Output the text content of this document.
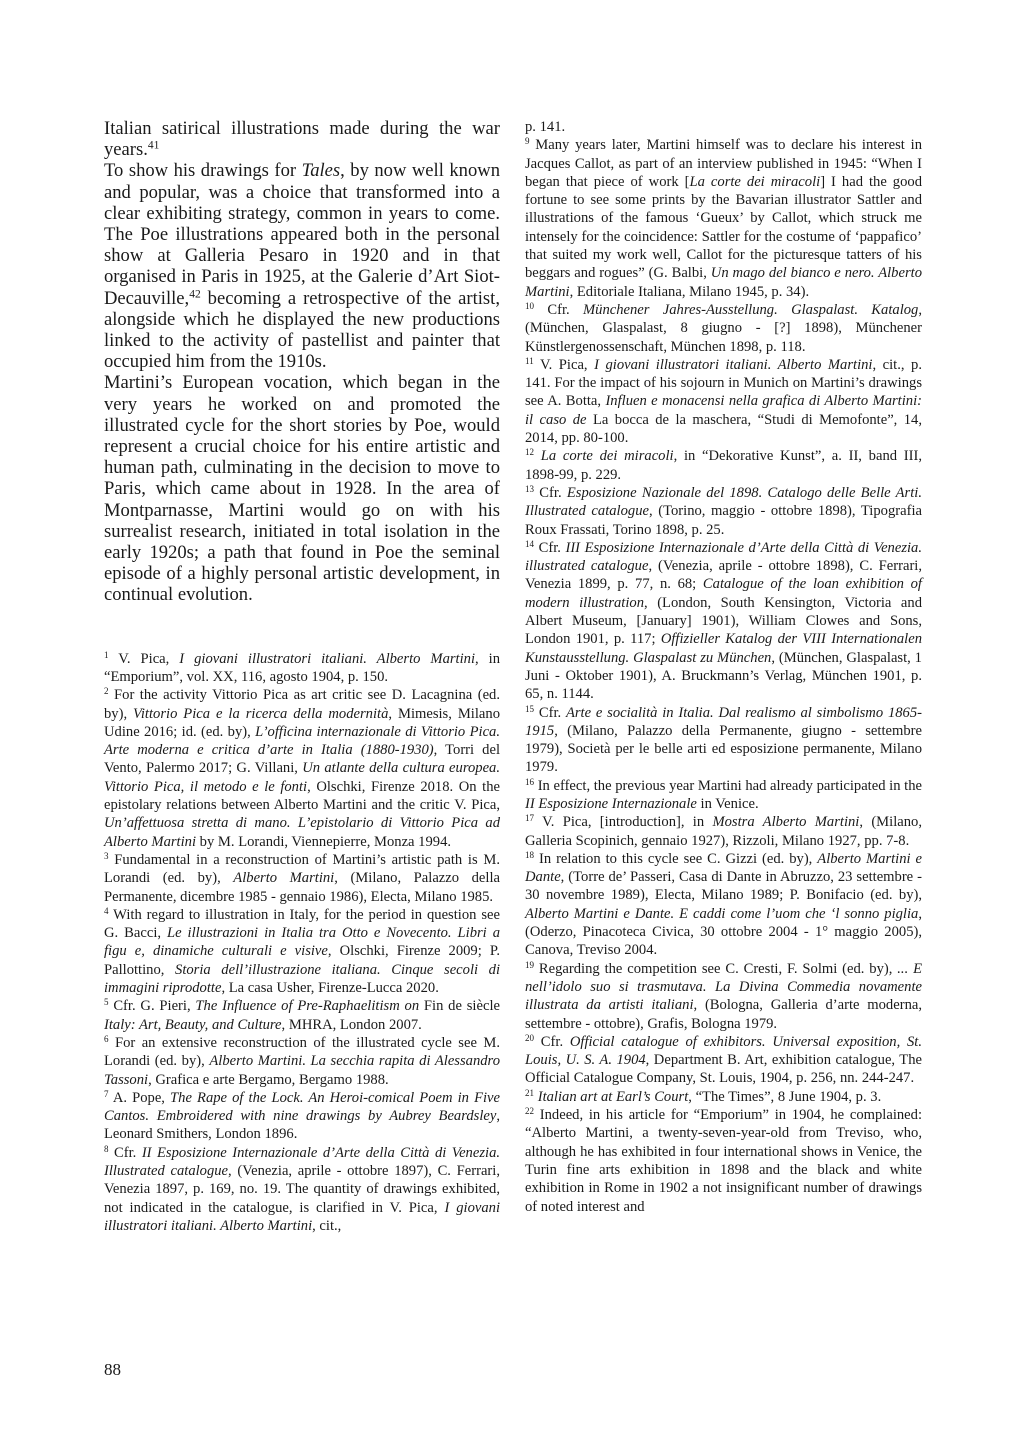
Italian satirical illustrations made during the war years.$^{41}$

To show his drawings for Tales, by now well known and popular, was a choice that transformed into a clear exhibiting strategy, common in years to come. The Poe illustrations appeared both in the personal show at Galleria Pesaro in 1920 and in that organised in Paris in 1925, at the Galerie d’Art Siot-Decauville,$^{42}$ becoming a retrospective of the artist, alongside which he displayed the new productions linked to the activity of pastellist and painter that occupied him from the 1910s.

Martini’s European vocation, which began in the very years he worked on and promoted the illustrated cycle for the short stories by Poe, would represent a crucial choice for his entire artistic and human path, culminating in the decision to move to Paris, which came about in 1928. In the area of Montparnasse, Martini would go on with his surrealist research, initiated in total isolation in the early 1920s; a path that found in Poe the seminal episode of a highly personal artistic development, in continual evolution.

$^1$ V. Pica, I giovani illustratori italiani. Alberto Martini, in “Emporium”, vol. XX, 116, agosto 1904, p. 150.

$^2$ For the activity Vittorio Pica as art critic see D. Lacagnina (ed. by), Vittorio Pica e la ricerca della modernità, Mimesis, Milano Udine 2016; id. (ed. by), L’officina internazionale di Vittorio Pica. Arte moderna e critica d’arte in Italia (1880-1930), Torri del Vento, Palermo 2017; G. Villani, Un atlante della cultura europea. Vittorio Pica, il metodo e le fonti, Olschki, Firenze 2018. On the epistolary relations between Alberto Martini and the critic V. Pica, Un’affettuosa stretta di mano. L’epistolario di Vittorio Pica ad Alberto Martini by M. Lorandi, Viennepierre, Monza 1994.

$^3$ Fundamental in a reconstruction of Martini’s artistic path is M. Lorandi (ed. by), Alberto Martini, (Milano, Palazzo della Permanente, dicembre 1985 - gennaio 1986), Electa, Milano 1985.

$^4$ With regard to illustration in Italy, for the period in question see G. Bacci, Le illustrazioni in Italia tra Otto e Novecento. Libri a figu e, dinamiche culturali e visive, Olschki, Firenze 2009; P. Pallottino, Storia dell’illustrazione italiana. Cinque secoli di immagini riprodotte, La casa Usher, Firenze-Lucca 2020.

$^5$ Cfr. G. Pieri, The Influence of Pre-Raphaelitism on Fin de siècle Italy: Art, Beauty, and Culture, MHRA, London 2007.

$^6$ For an extensive reconstruction of the illustrated cycle see M. Lorandi (ed. by), Alberto Martini. La secchia rapita di Alessandro Tassoni, Grafica e arte Bergamo, Bergamo 1988.

$^7$ A. Pope, The Rape of the Lock. An Heroi-comical Poem in Five Cantos. Embroidered with nine drawings by Aubrey Beardsley, Leonard Smithers, London 1896.

$^8$ Cfr. II Esposizione Internazionale d’Arte della Città di Venezia. Illustrated catalogue, (Venezia, aprile - ottobre 1897), C. Ferrari, Venezia 1897, p. 169, no. 19. The quantity of drawings exhibited, not indicated in the catalogue, is clarified in V. Pica, I giovani illustratori italiani. Alberto Martini, cit.,

p. 141.

$^9$ Many years later, Martini himself was to declare his interest in Jacques Callot, as part of an interview published in 1945: “When I began that piece of work [La corte dei miracoli] I had the good fortune to see some prints by the Bavarian illustrator Sattler and illustrations of the famous ‘Gueux’ by Callot, which struck me intensely for the coincidence: Sattler for the costume of ‘pappafico’ that suited my work well, Callot for the picturesque tatters of his beggars and rogues” (G. Balbi, Un mago del bianco e nero. Alberto Martini, Editoriale Italiana, Milano 1945, p. 34).

$^{10}$ Cfr. Münchener Jahres-Ausstellung. Glaspalast. Katalog, (München, Glaspalast, 8 giugno - [?] 1898), Münchener Künstlergenossenschaft, München 1898, p. 118.

$^{11}$ V. Pica, I giovani illustratori italiani. Alberto Martini, cit., p. 141. For the impact of his sojourn in Munich on Martini’s drawings see A. Botta, Influen e monacensi nella grafica di Alberto Martini: il caso de La bocca de la maschera, “Studi di Memofonte”, 14, 2014, pp. 80-100.

$^{12}$ La corte dei miracoli, in “Dekorative Kunst”, a. II, band III, 1898-99, p. 229.

$^{13}$ Cfr. Esposizione Nazionale del 1898. Catalogo delle Belle Arti. Illustrated catalogue, (Torino, maggio - ottobre 1898), Tipografia Roux Frassati, Torino 1898, p. 25.

$^{14}$ Cfr. III Esposizione Internazionale d’Arte della Città di Venezia. illustrated catalogue, (Venezia, aprile - ottobre 1898), C. Ferrari, Venezia 1899, p. 77, n. 68; Catalogue of the loan exhibition of modern illustration, (London, South Kensington, Victoria and Albert Museum, [January] 1901), William Clowes and Sons, London 1901, p. 117; Offizieller Katalog der VIII Internationalen Kunstausstellung. Glaspalast zu München, (München, Glaspalast, 1 Juni - Oktober 1901), A. Bruckmann’s Verlag, München 1901, p. 65, n. 1144.

$^{15}$ Cfr. Arte e socialità in Italia. Dal realismo al simbolismo 1865-1915, (Milano, Palazzo della Permanente, giugno - settembre 1979), Società per le belle arti ed esposizione permanente, Milano 1979.

$^{16}$ In effect, the previous year Martini had already participated in the II Esposizione Internazionale in Venice.

$^{17}$ V. Pica, [introduction], in Mostra Alberto Martini, (Milano, Galleria Scopinich, gennaio 1927), Rizzoli, Milano 1927, pp. 7-8.

$^{18}$ In relation to this cycle see C. Gizzi (ed. by), Alberto Martini e Dante, (Torre de’ Passeri, Casa di Dante in Abruzzo, 23 settembre - 30 novembre 1989), Electa, Milano 1989; P. Bonifacio (ed. by), Alberto Martini e Dante. E caddi come l’uom che ‘l sonno piglia, (Oderzo, Pinacoteca Civica, 30 ottobre 2004 - 1° maggio 2005), Canova, Treviso 2004.

$^{19}$ Regarding the competition see C. Cresti, F. Solmi (ed. by), ... E nell’idolo suo si trasmutava. La Divina Commedia novamente illustrata da artisti italiani, (Bologna, Galleria d’arte moderna, settembre - ottobre), Grafis, Bologna 1979.

$^{20}$ Cfr. Official catalogue of exhibitors. Universal exposition, St. Louis, U. S. A. 1904, Department B. Art, exhibition catalogue, The Official Catalogue Company, St. Louis, 1904, p. 256, nn. 244-247.

$^{21}$ Italian art at Earl’s Court, “The Times”, 8 June 1904, p. 3.

$^{22}$ Indeed, in his article for “Emporium” in 1904, he complained: “Alberto Martini, a twenty-seven-year-old from Treviso, who, although he has exhibited in four international shows in Venice, the Turin fine arts exhibition in 1898 and the black and white exhibition in Rome in 1902 a not insignificant number of drawings of noted interest and

88
